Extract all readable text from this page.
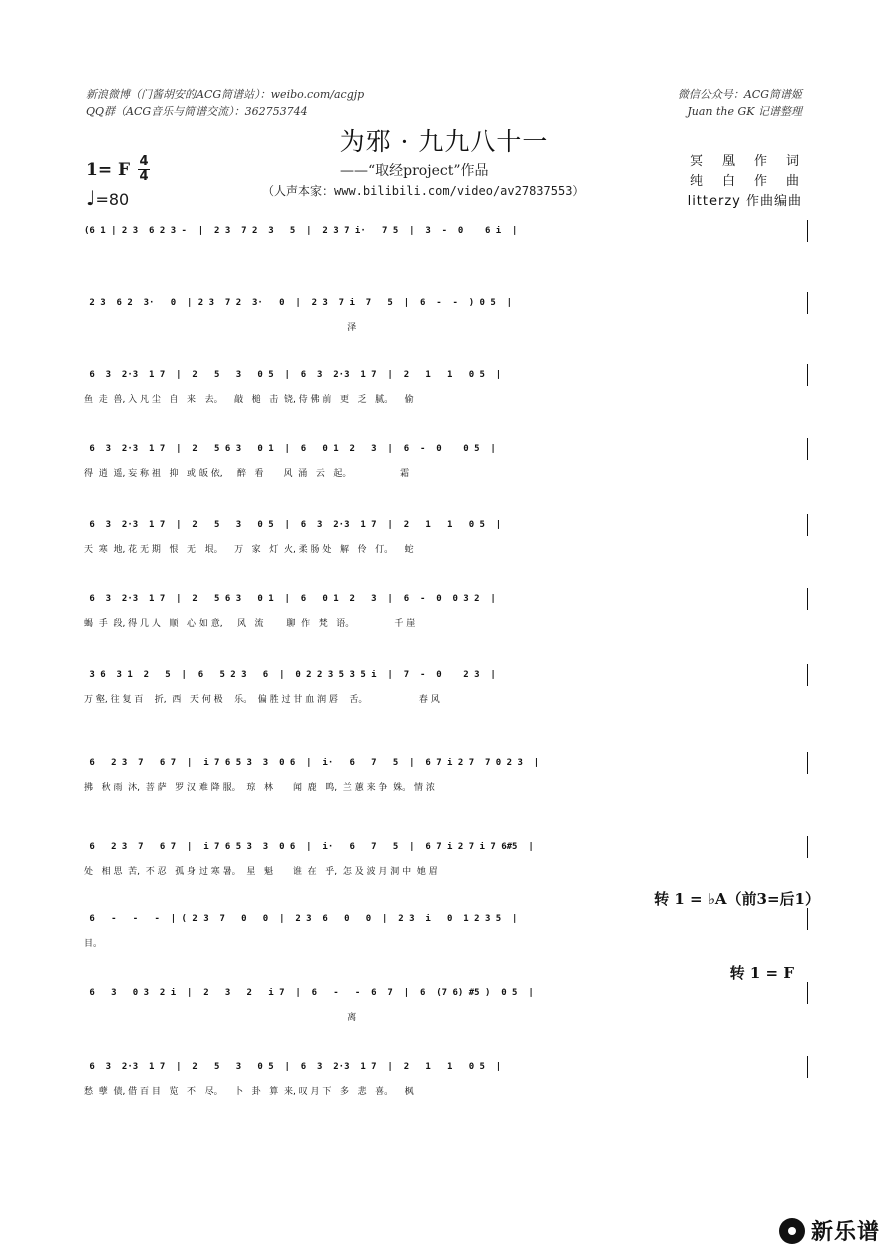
新浪微博（门酱胡安的ACG简谱站）：weibo.com/acgjp
QQ群（ACG音乐与简谱交流）：362753744
微信公众号：ACG简谱姬
Juan the GK 记谱整理
为邪 · 九九八十一
——“取经project”作品
（人声本家：www.bilibili.com/video/av27837553）
冥　凰　作　词
纯　白　作　曲
litterzy 作曲编曲
1= F 4
4
♩=80
(6 1 | 2 3  6 2 3 -  |  2 3  7 2  3   5  |  2 3 7 i·   7 5  |  3  -  0    6 i  |
2 3  6 2  3·   0  | 2 3  7 2  3·   0  |  2 3  7 i  7   5  |  6  -  -  ) 0 5  |
泽
6  3  2·3  1 7  |  2   5   3   0 5  |  6  3  2·3  1 7  |  2   1   1   0 5  |
鱼  走  兽, 入 凡 尘   自   来   去。    敲   槌   击  铙, 侍 佛 前   更   乏   腻。    偷
6  3  2·3  1 7  |  2   5 6 3   0 1  |  6   0 1  2   3  |  6  -  0    0 5  |
得  逍  遥, 妄 称 祖   抑   或 皈 依,     醉   看       风  涌   云   起。                 霜
6  3  2·3  1 7  |  2   5   3   0 5  |  6  3  2·3  1 7  |  2   1   1   0 5  |
天  寒  地, 花 无 期   恨   无   垠。    万   家   灯  火, 柔 肠 处   解   伶   仃。    蛇
6  3  2·3  1 7  |  2   5 6 3   0 1  |  6   0 1  2   3  |  6  -  0  0 3 2  |
蝎  手  段, 得 几 人   顺   心 如 意,     风   流        聊  作   梵   语。              千 崖
3 6  3 1  2   5  |  6   5 2 3   6  |  0 2 2 3 5 3 5 i  |  7  -  0    2 3  |
万 壑, 往 复 百    折,  西   天 何 极    乐。  偏 胜 过 甘 血 润 唇    舌。                  春 风
6   2 3  7   6 7  |  i 7 6 5 3  3  0 6  |  i·   6   7   5  |  6 7 i 2 7  7 0 2 3  |
拂   秋 雨  沐,  菩 萨   罗 汉 难 降 服。  琼   林       闻  鹿   鸣,  兰 蕙 来 争  姝。 情 浓
6   2 3  7   6 7  |  i 7 6 5 3  3  0 6  |  i·   6   7   5  |  6 7 i 2 7 i 7 6#5  |
处   相 思  苦,  不 忍   孤 身 过 寒 暑。  星   魁       谁  在   乎,  怎 及 波 月 洞 中  她 眉
6   -   -   -  | ( 2 3  7   0   0  |  2 3  6   0   0  |  2 3  i   0  1 2 3 5  |
目。
6   3   0 3  2 i  |  2   3   2   i 7  |  6   -   -  6  7  |  6  (7 6) #5 )  0 5  |
离
6  3  2·3  1 7  |  2   5   3   0 5  |  6  3  2·3  1 7  |  2   1   1   0 5  |
愁  孽  债, 借 百 目   览   不   尽。    卜   卦   算  来, 叹 月 下   多   悲   喜。    枫
转 1 = ♭A（前3=后1）
转 1 = F
新乐谱
